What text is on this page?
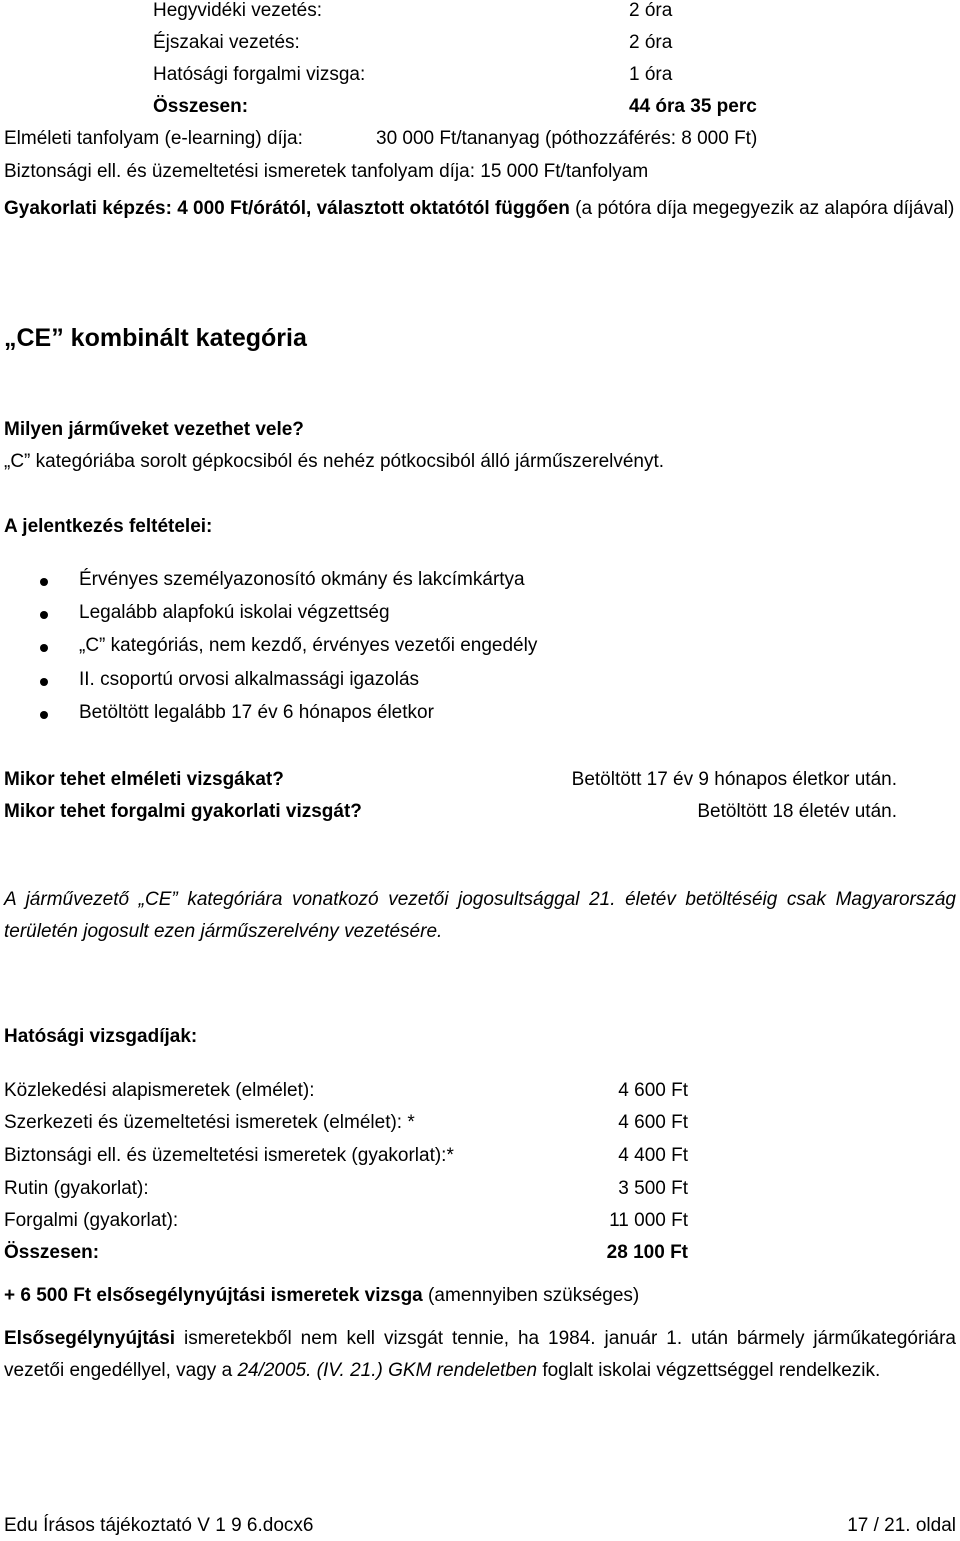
Hegyvidéki vezetés:	2 óra
Éjszakai vezetés:	2 óra
Hatósági forgalmi vizsga:	1 óra
Összesen:	44 óra 35 perc
Elméleti tanfolyam (e-learning) díja:	30 000 Ft/tananyag (póthozzáférés: 8 000 Ft)
Biztonsági ell. és üzemeltetési ismeretek tanfolyam díja: 15 000 Ft/tanfolyam
Gyakorlati képzés: 4 000 Ft/órától, választott oktatótól függően (a pótóra díja megegyezik az alapóra díjával)
„CE” kombinált kategória
Milyen járműveket vezethet vele?
„C” kategóriába sorolt gépkocsiból és nehéz pótkocsiból álló járműszerelvényt.
A jelentkezés feltételei:
Érvényes személyazonosító okmány és lakcímkártya
Legalább alapfokú iskolai végzettség
„C” kategóriás, nem kezdő, érvényes vezetői engedély
II. csoportú orvosi alkalmassági igazolás
Betöltött legalább 17 év 6 hónapos életkor
Mikor tehet elméleti vizsgákat?	Betöltött 17 év 9 hónapos életkor után.
Mikor tehet forgalmi gyakorlati vizsgát?	Betöltött 18 életév után.
A járművezető „CE” kategóriára vonatkozó vezetői jogosultsággal 21. életév betöltéséig csak Magyarország területén jogosult ezen járműszerelvény vezetésére.
Hatósági vizsgadíjak:
Közlekedési alapismeretek (elmélet):	4 600 Ft
Szerkezeti és üzemeltetési ismeretek (elmélet): *	4 600 Ft
Biztonsági ell. és üzemeltetési ismeretek (gyakorlat):*	4 400 Ft
Rutin (gyakorlat):	3 500 Ft
Forgalmi (gyakorlat):	11 000 Ft
Összesen:	28 100 Ft
+ 6 500 Ft elsősegélynyújtási ismeretek vizsga (amennyiben szükséges)
Elsősegélynyújtási ismeretekből nem kell vizsgát tennie, ha 1984. január 1. után bármely járműkategóriára vezetői engedéllyel, vagy a 24/2005. (IV. 21.) GKM rendeletben foglalt iskolai végzettséggel rendelkezik.
Edu Írásos tájékoztató V 1 9 6.docx6	17 / 21. oldal
